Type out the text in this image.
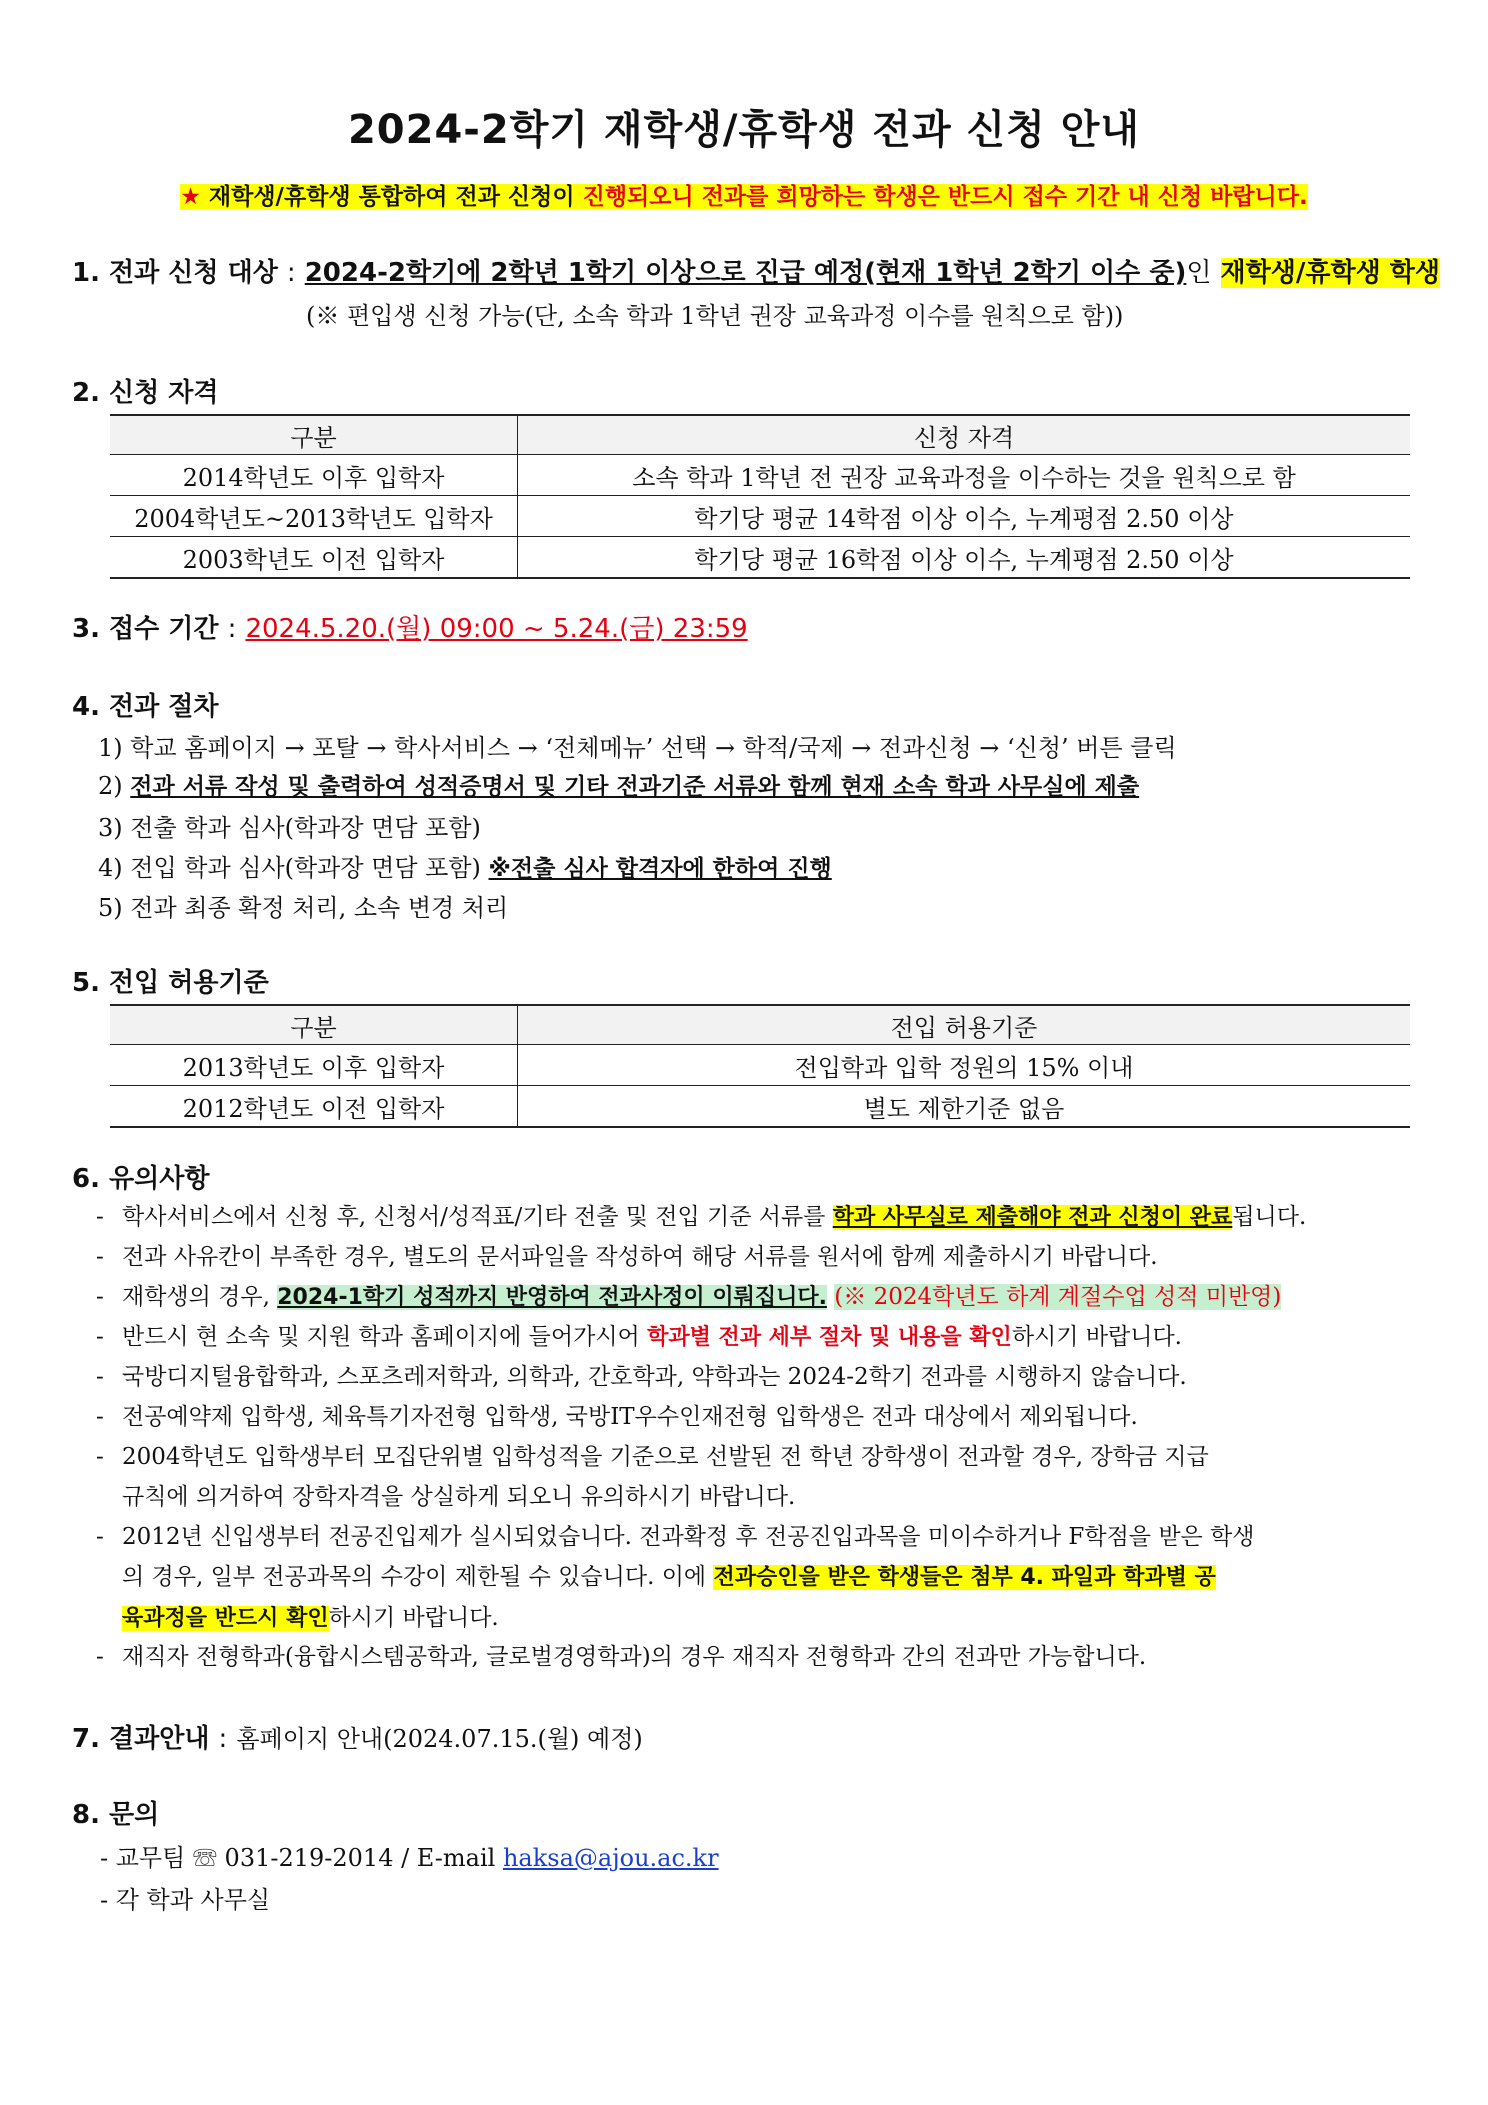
2024-2학기 재학생/휴학생 전과 신청 안내
★ 재학생/휴학생 통합하여 전과 신청이 진행되오니 전과를 희망하는 학생은 반드시 접수 기간 내 신청 바랍니다.
1. 전과 신청 대상 : 2024-2학기에 2학년 1학기 이상으로 진급 예정(현재 1학년 2학기 이수 중)인 재학생/휴학생 학생
(※ 편입생 신청 가능(단, 소속 학과 1학년 권장 교육과정 이수를 원칙으로 함))
2. 신청 자격
구분	신청 자격
2014학년도 이후 입학자	소속 학과 1학년 전 권장 교육과정을 이수하는 것을 원칙으로 함
2004학년도~2013학년도 입학자	학기당 평균 14학점 이상 이수, 누계평점 2.50 이상
2003학년도 이전 입학자	학기당 평균 16학점 이상 이수, 누계평점 2.50 이상
3. 접수 기간 : 2024.5.20.(월) 09:00 ~ 5.24.(금) 23:59
4. 전과 절차
1) 학교 홈페이지 → 포탈 → 학사서비스 → ‘전체메뉴’ 선택 → 학적/국제 → 전과신청 → ‘신청’ 버튼 클릭
2) 전과 서류 작성 및 출력하여 성적증명서 및 기타 전과기준 서류와 함께 현재 소속 학과 사무실에 제출
3) 전출 학과 심사(학과장 면담 포함)
4) 전입 학과 심사(학과장 면담 포함) ※전출 심사 합격자에 한하여 진행
5) 전과 최종 확정 처리, 소속 변경 처리
5. 전입 허용기준
구분	전입 허용기준
2013학년도 이후 입학자	전입학과 입학 정원의 15% 이내
2012학년도 이전 입학자	별도 제한기준 없음
6. 유의사항
- 학사서비스에서 신청 후, 신청서/성적표/기타 전출 및 전입 기준 서류를 학과 사무실로 제출해야 전과 신청이 완료됩니다.
- 전과 사유칸이 부족한 경우, 별도의 문서파일을 작성하여 해당 서류를 원서에 함께 제출하시기 바랍니다.
- 재학생의 경우, 2024-1학기 성적까지 반영하여 전과사정이 이뤄집니다. (※ 2024학년도 하계 계절수업 성적 미반영)
- 반드시 현 소속 및 지원 학과 홈페이지에 들어가시어 학과별 전과 세부 절차 및 내용을 확인하시기 바랍니다.
- 국방디지털융합학과, 스포츠레저학과, 의학과, 간호학과, 약학과는 2024-2학기 전과를 시행하지 않습니다.
- 전공예약제 입학생, 체육특기자전형 입학생, 국방IT우수인재전형 입학생은 전과 대상에서 제외됩니다.
- 2004학년도 입학생부터 모집단위별 입학성적을 기준으로 선발된 전 학년 장학생이 전과할 경우, 장학금 지급
규칙에 의거하여 장학자격을 상실하게 되오니 유의하시기 바랍니다.
- 2012년 신입생부터 전공진입제가 실시되었습니다. 전과확정 후 전공진입과목을 미이수하거나 F학점을 받은 학생
의 경우, 일부 전공과목의 수강이 제한될 수 있습니다. 이에 전과승인을 받은 학생들은 첨부 4. 파일과 학과별 공
육과정을 반드시 확인하시기 바랍니다.
- 재직자 전형학과(융합시스템공학과, 글로벌경영학과)의 경우 재직자 전형학과 간의 전과만 가능합니다.
7. 결과안내 : 홈페이지 안내(2024.07.15.(월) 예정)
8. 문의
- 교무팀 ☏ 031-219-2014 / E-mail haksa@ajou.ac.kr
- 각 학과 사무실
